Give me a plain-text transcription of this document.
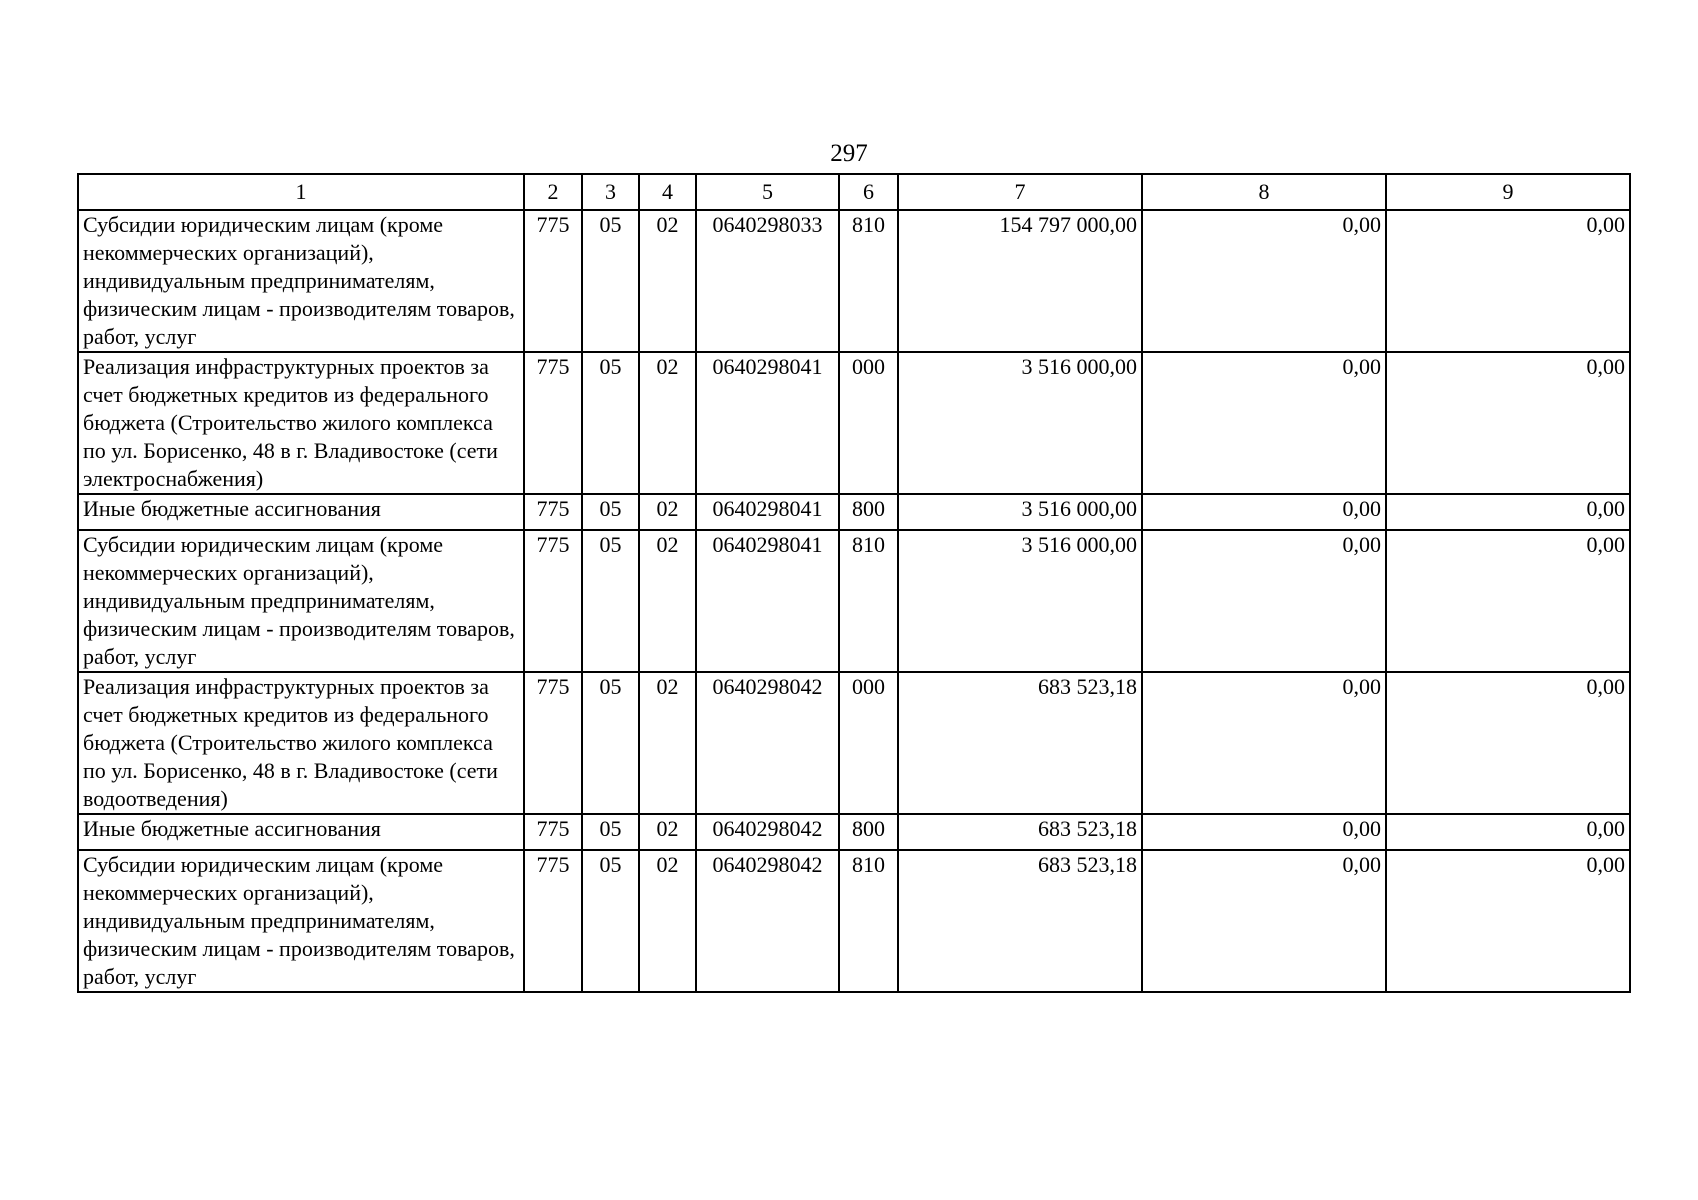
297
1	2	3	4	5	6	7	8	9
Субсидии юридическим лицам (кроме некоммерческих организаций), индивидуальным предпринимателям, физическим лицам - производителям товаров, работ, услуг	775	05	02	0640298033	810	154 797 000,00	0,00	0,00
Реализация инфраструктурных проектов за счет бюджетных кредитов из федерального бюджета (Строительство жилого комплекса по ул. Борисенко, 48 в г. Владивостоке (сети электроснабжения)	775	05	02	0640298041	000	3 516 000,00	0,00	0,00
Иные бюджетные ассигнования	775	05	02	0640298041	800	3 516 000,00	0,00	0,00
Субсидии юридическим лицам (кроме некоммерческих организаций), индивидуальным предпринимателям, физическим лицам - производителям товаров, работ, услуг	775	05	02	0640298041	810	3 516 000,00	0,00	0,00
Реализация инфраструктурных проектов за счет бюджетных кредитов из федерального бюджета (Строительство жилого комплекса по ул. Борисенко, 48 в г. Владивостоке (сети водоотведения)	775	05	02	0640298042	000	683 523,18	0,00	0,00
Иные бюджетные ассигнования	775	05	02	0640298042	800	683 523,18	0,00	0,00
Субсидии юридическим лицам (кроме некоммерческих организаций), индивидуальным предпринимателям, физическим лицам - производителям товаров, работ, услуг	775	05	02	0640298042	810	683 523,18	0,00	0,00
